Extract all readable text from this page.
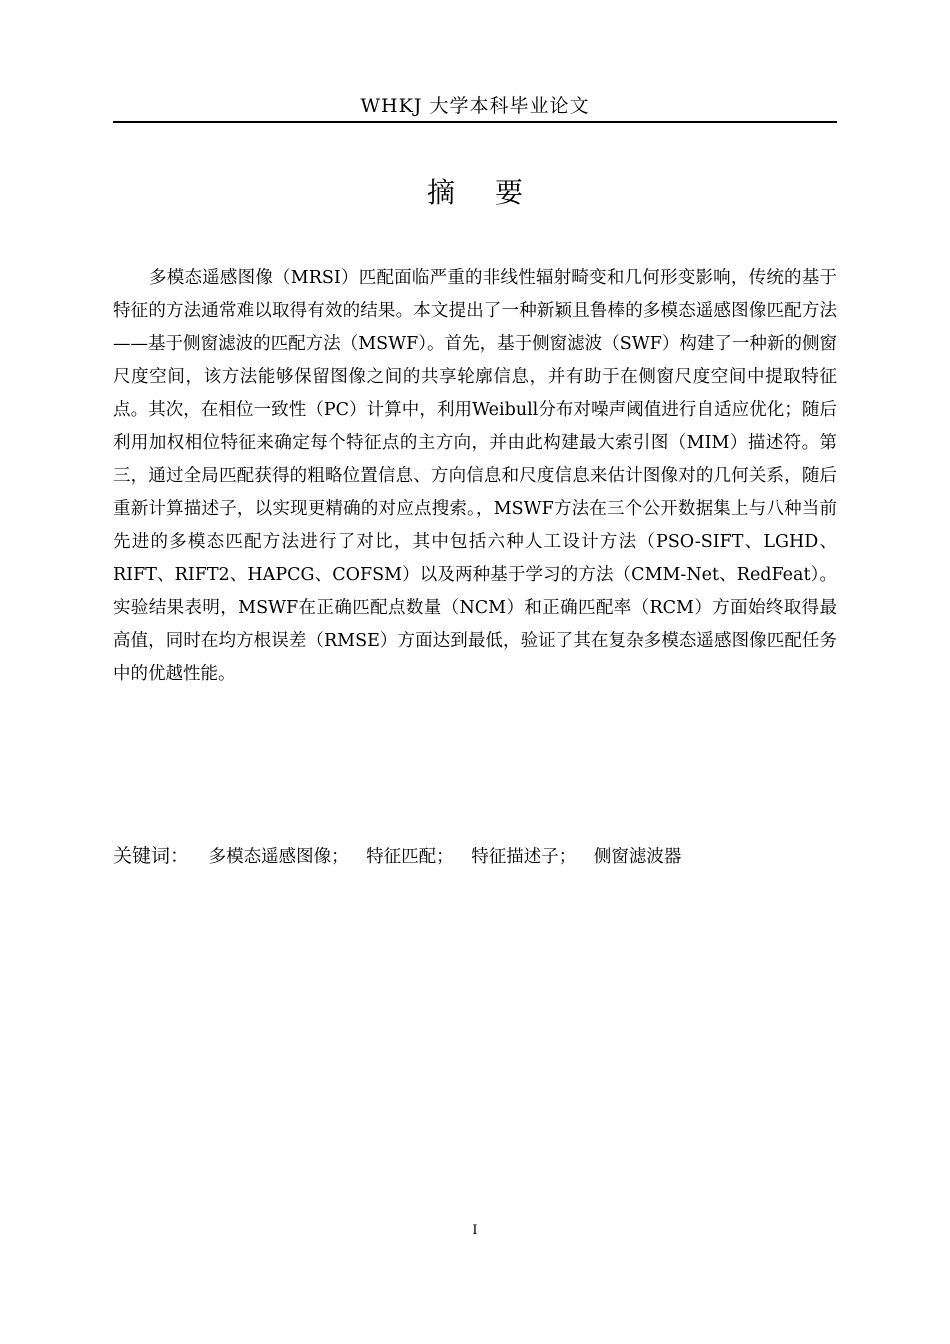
WHKJ 大学本科毕业论文
摘要

多模态遥感图像（MRSI）匹配面临严重的非线性辐射畸变和几何形变影响，传统的基于特征的方法通常难以取得有效的结果。本文提出了一种新颖且鲁棒的多模态遥感图像匹配方法——基于侧窗滤波的匹配方法（MSWF）。首先，基于侧窗滤波（SWF）构建了一种新的侧窗尺度空间，该方法能够保留图像之间的共享轮廓信息，并有助于在侧窗尺度空间中提取特征点。其次，在相位一致性（PC）计算中，利用Weibull分布对噪声阈值进行自适应优化；随后利用加权相位特征来确定每个特征点的主方向，并由此构建最大索引图（MIM）描述符。第三，通过全局匹配获得的粗略位置信息、方向信息和尺度信息来估计图像对的几何关系，随后重新计算描述子，以实现更精确的对应点搜索。，MSWF方法在三个公开数据集上与八种当前先进的多模态匹配方法进行了对比，其中包括六种人工设计方法（PSO-SIFT、LGHD、RIFT、RIFT2、HAPCG、COFSM）以及两种基于学习的方法（CMM-Net、RedFeat）。实验结果表明，MSWF在正确匹配点数量（NCM）和正确匹配率（RCM）方面始终取得最高值，同时在均方根误差（RMSE）方面达到最低，验证了其在复杂多模态遥感图像匹配任务中的优越性能。

关键词： 多模态遥感图像； 特征匹配； 特征描述子； 侧窗滤波器
I
